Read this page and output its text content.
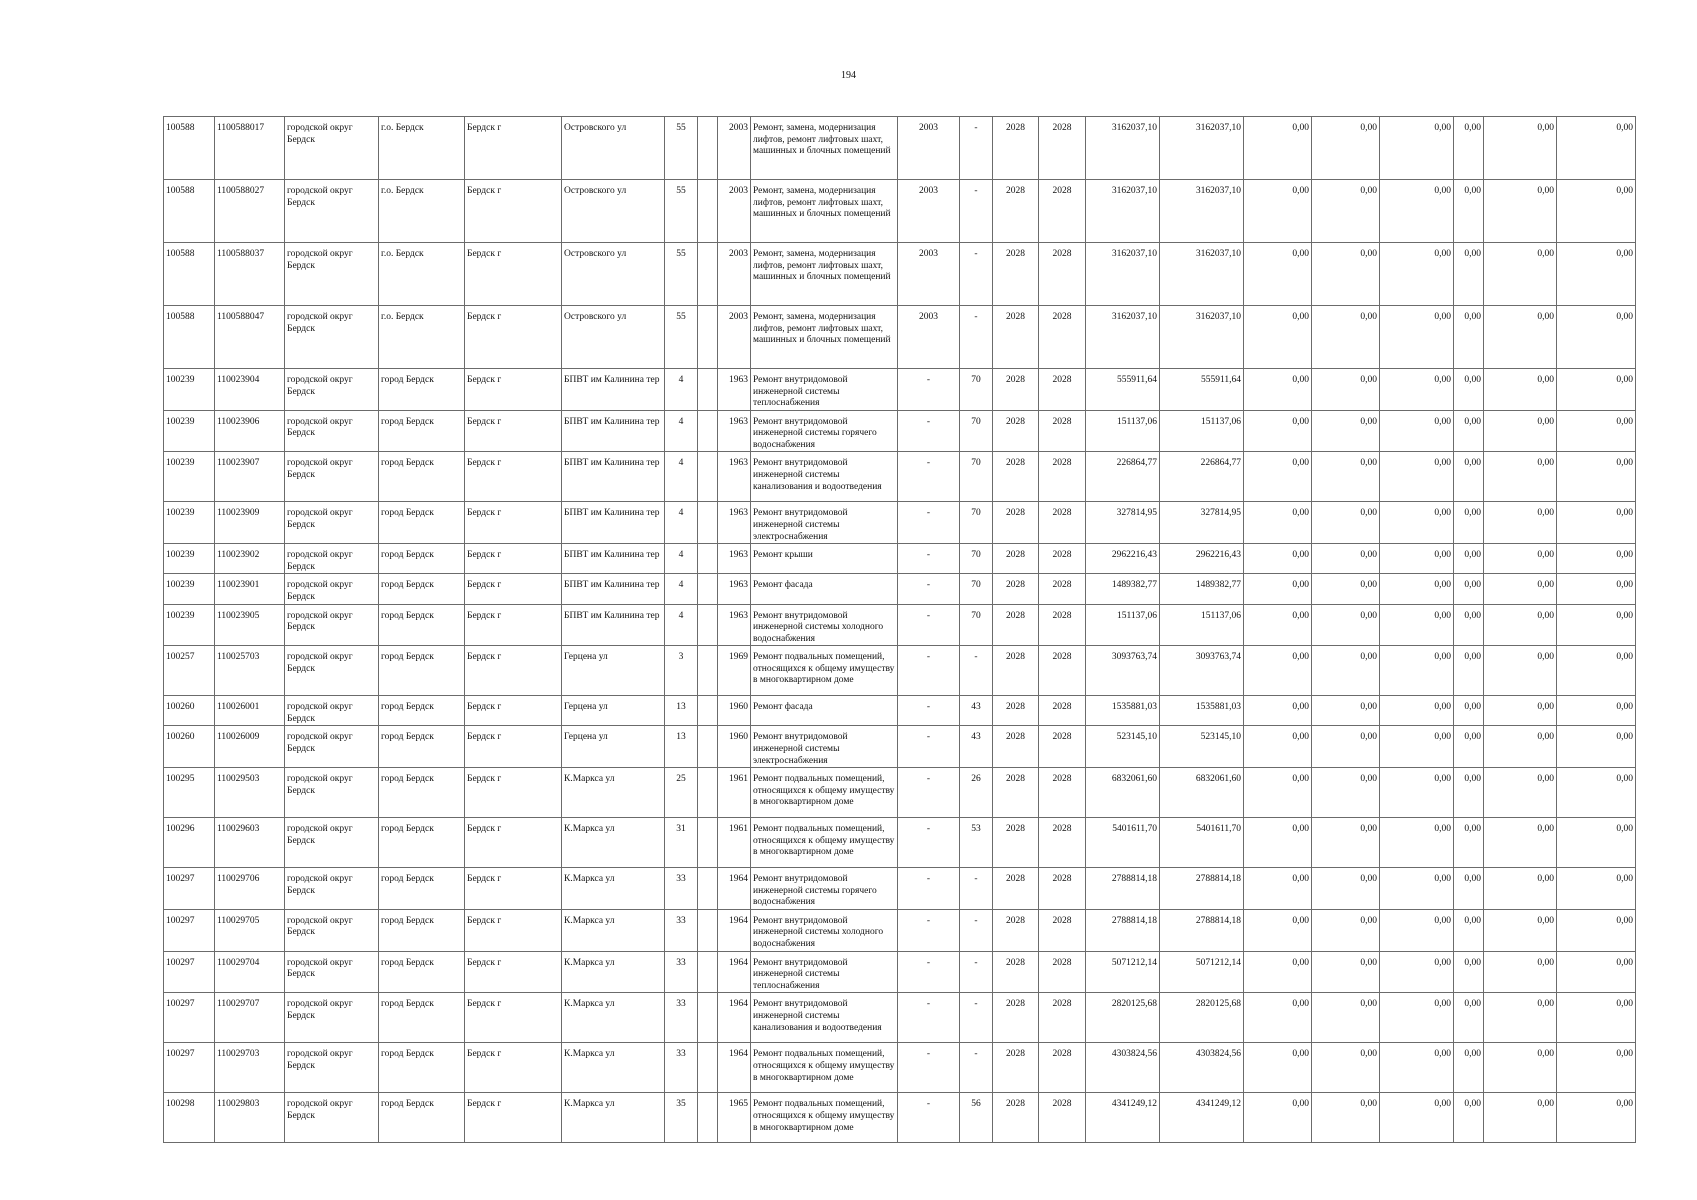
194
100588	1100588017	городской округ Бердск	г.о. Бердск	Бердск г	Островского ул	55		2003	Ремонт, замена, модернизация лифтов, ремонт лифтовых шахт, машинных и блочных помещений	2003	-	2028	2028	3162037,10	3162037,10	0,00	0,00	0,00	0,00	0,00	0,00
100588	1100588027	городской округ Бердск	г.о. Бердск	Бердск г	Островского ул	55		2003	Ремонт, замена, модернизация лифтов, ремонт лифтовых шахт, машинных и блочных помещений	2003	-	2028	2028	3162037,10	3162037,10	0,00	0,00	0,00	0,00	0,00	0,00
100588	1100588037	городской округ Бердск	г.о. Бердск	Бердск г	Островского ул	55		2003	Ремонт, замена, модернизация лифтов, ремонт лифтовых шахт, машинных и блочных помещений	2003	-	2028	2028	3162037,10	3162037,10	0,00	0,00	0,00	0,00	0,00	0,00
100588	1100588047	городской округ Бердск	г.о. Бердск	Бердск г	Островского ул	55		2003	Ремонт, замена, модернизация лифтов, ремонт лифтовых шахт, машинных и блочных помещений	2003	-	2028	2028	3162037,10	3162037,10	0,00	0,00	0,00	0,00	0,00	0,00
100239	110023904	городской округ Бердск	город Бердск	Бердск г	БПВТ им Калинина тер	4		1963	Ремонт внутридомовой инженерной системы теплоснабжения	-	70	2028	2028	555911,64	555911,64	0,00	0,00	0,00	0,00	0,00	0,00
100239	110023906	городской округ Бердск	город Бердск	Бердск г	БПВТ им Калинина тер	4		1963	Ремонт внутридомовой инженерной системы горячего водоснабжения	-	70	2028	2028	151137,06	151137,06	0,00	0,00	0,00	0,00	0,00	0,00
100239	110023907	городской округ Бердск	город Бердск	Бердск г	БПВТ им Калинина тер	4		1963	Ремонт внутридомовой инженерной системы канализования и водоотведения	-	70	2028	2028	226864,77	226864,77	0,00	0,00	0,00	0,00	0,00	0,00
100239	110023909	городской округ Бердск	город Бердск	Бердск г	БПВТ им Калинина тер	4		1963	Ремонт внутридомовой инженерной системы электроснабжения	-	70	2028	2028	327814,95	327814,95	0,00	0,00	0,00	0,00	0,00	0,00
100239	110023902	городской округ Бердск	город Бердск	Бердск г	БПВТ им Калинина тер	4		1963	Ремонт крыши	-	70	2028	2028	2962216,43	2962216,43	0,00	0,00	0,00	0,00	0,00	0,00
100239	110023901	городской округ Бердск	город Бердск	Бердск г	БПВТ им Калинина тер	4		1963	Ремонт фасада	-	70	2028	2028	1489382,77	1489382,77	0,00	0,00	0,00	0,00	0,00	0,00
100239	110023905	городской округ Бердск	город Бердск	Бердск г	БПВТ им Калинина тер	4		1963	Ремонт внутридомовой инженерной системы холодного водоснабжения	-	70	2028	2028	151137,06	151137,06	0,00	0,00	0,00	0,00	0,00	0,00
100257	110025703	городской округ Бердск	город Бердск	Бердск г	Герцена ул	3		1969	Ремонт подвальных помещений, относящихся к общему имуществу в многоквартирном доме	-	-	2028	2028	3093763,74	3093763,74	0,00	0,00	0,00	0,00	0,00	0,00
100260	110026001	городской округ Бердск	город Бердск	Бердск г	Герцена ул	13		1960	Ремонт фасада	-	43	2028	2028	1535881,03	1535881,03	0,00	0,00	0,00	0,00	0,00	0,00
100260	110026009	городской округ Бердск	город Бердск	Бердск г	Герцена ул	13		1960	Ремонт внутридомовой инженерной системы электроснабжения	-	43	2028	2028	523145,10	523145,10	0,00	0,00	0,00	0,00	0,00	0,00
100295	110029503	городской округ Бердск	город Бердск	Бердск г	К.Маркса ул	25		1961	Ремонт подвальных помещений, относящихся к общему имуществу в многоквартирном доме	-	26	2028	2028	6832061,60	6832061,60	0,00	0,00	0,00	0,00	0,00	0,00
100296	110029603	городской округ Бердск	город Бердск	Бердск г	К.Маркса ул	31		1961	Ремонт подвальных помещений, относящихся к общему имуществу в многоквартирном доме	-	53	2028	2028	5401611,70	5401611,70	0,00	0,00	0,00	0,00	0,00	0,00
100297	110029706	городской округ Бердск	город Бердск	Бердск г	К.Маркса ул	33		1964	Ремонт внутридомовой инженерной системы горячего водоснабжения	-	-	2028	2028	2788814,18	2788814,18	0,00	0,00	0,00	0,00	0,00	0,00
100297	110029705	городской округ Бердск	город Бердск	Бердск г	К.Маркса ул	33		1964	Ремонт внутридомовой инженерной системы холодного водоснабжения	-	-	2028	2028	2788814,18	2788814,18	0,00	0,00	0,00	0,00	0,00	0,00
100297	110029704	городской округ Бердск	город Бердск	Бердск г	К.Маркса ул	33		1964	Ремонт внутридомовой инженерной системы теплоснабжения	-	-	2028	2028	5071212,14	5071212,14	0,00	0,00	0,00	0,00	0,00	0,00
100297	110029707	городской округ Бердск	город Бердск	Бердск г	К.Маркса ул	33		1964	Ремонт внутридомовой инженерной системы канализования и водоотведения	-	-	2028	2028	2820125,68	2820125,68	0,00	0,00	0,00	0,00	0,00	0,00
100297	110029703	городской округ Бердск	город Бердск	Бердск г	К.Маркса ул	33		1964	Ремонт подвальных помещений, относящихся к общему имуществу в многоквартирном доме	-	-	2028	2028	4303824,56	4303824,56	0,00	0,00	0,00	0,00	0,00	0,00
100298	110029803	городской округ Бердск	город Бердск	Бердск г	К.Маркса ул	35		1965	Ремонт подвальных помещений, относящихся к общему имуществу в многоквартирном доме	-	56	2028	2028	4341249,12	4341249,12	0,00	0,00	0,00	0,00	0,00	0,00
